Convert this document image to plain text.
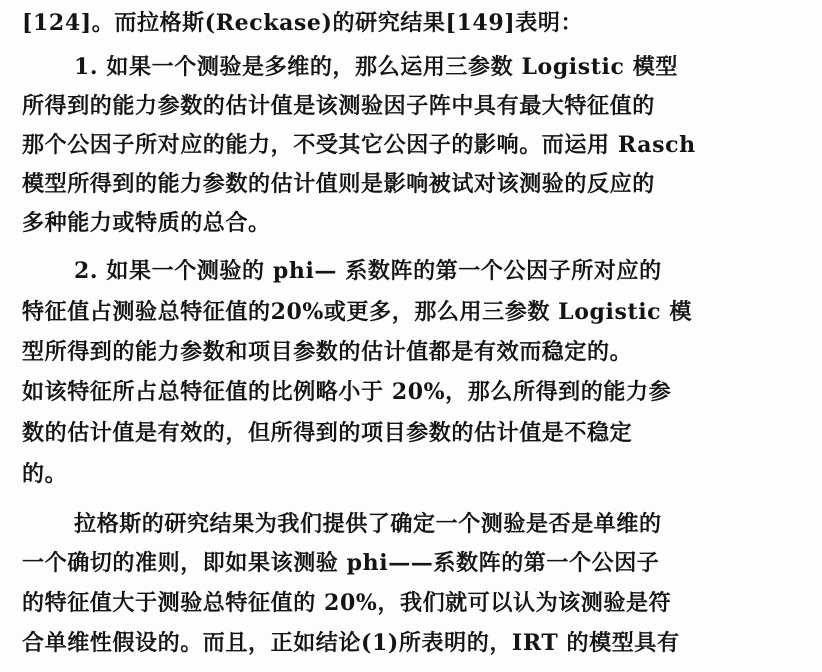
[124]。而拉格斯(Reckase)的研究结果[149]表明：
1. 如果一个测验是多维的，那么运用三参数 Logistic 模型
所得到的能力参数的估计值是该测验因子阵中具有最大特征值的
那个公因子所对应的能力，不受其它公因子的影响。而运用 Rasch
模型所得到的能力参数的估计值则是影响被试对该测验的反应的
多种能力或特质的总合。
2. 如果一个测验的 phi— 系数阵的第一个公因子所对应的
特征值占测验总特征值的20%或更多，那么用三参数 Logistic 模
型所得到的能力参数和项目参数的估计值都是有效而稳定的。
如该特征所占总特征值的比例略小于 20%，那么所得到的能力参
数的估计值是有效的，但所得到的项目参数的估计值是不稳定
的。
拉格斯的研究结果为我们提供了确定一个测验是否是单维的
一个确切的准则，即如果该测验 phi——系数阵的第一个公因子
的特征值大于测验总特征值的 20%，我们就可以认为该测验是符
合单维性假设的。而且，正如结论(1)所表明的，IRT 的模型具有
